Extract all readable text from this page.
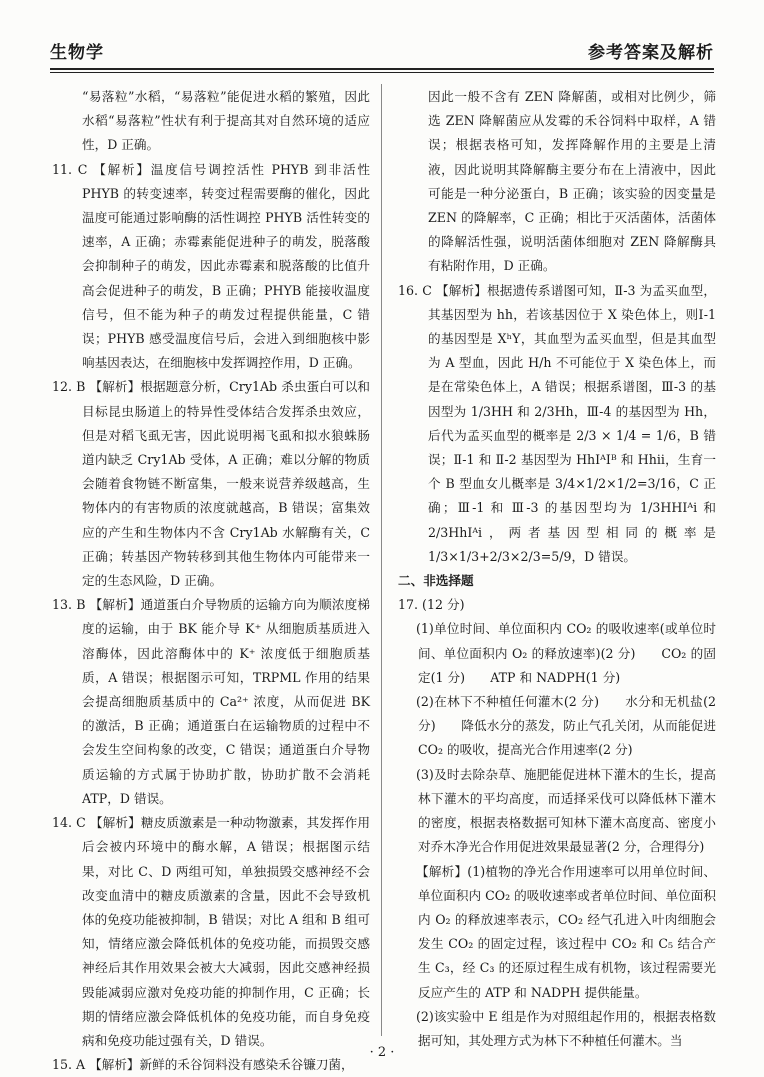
生物学	参考答案及解析

“易落粒”水稻，“易落粒”能促进水稻的繁殖，因此水稻“易落粒”性状有利于提高其对自然环境的适应性，D 正确。

11. C 【解析】温度信号调控活性 PHYB 到非活性 PHYB 的转变速率，转变过程需要酶的催化，因此温度可能通过影响酶的活性调控 PHYB 活性转变的速率，A 正确；赤霉素能促进种子的萌发，脱落酸会抑制种子的萌发，因此赤霉素和脱落酸的比值升高会促进种子的萌发，B 正确；PHYB 能接收温度信号，但不能为种子的萌发过程提供能量，C 错误；PHYB 感受温度信号后，会进入到细胞核中影响基因表达，在细胞核中发挥调控作用，D 正确。

12. B 【解析】根据题意分析，Cry1Ab 杀虫蛋白可以和目标昆虫肠道上的特异性受体结合发挥杀虫效应，但是对稻飞虱无害，因此说明褐飞虱和拟水狼蛛肠道内缺乏 Cry1Ab 受体，A 正确；难以分解的物质会随着食物链不断富集，一般来说营养级越高，生物体内的有害物质的浓度就越高，B 错误；富集效应的产生和生物体内不含 Cry1Ab 水解酶有关，C 正确；转基因产物转移到其他生物体内可能带来一定的生态风险，D 正确。

13. B 【解析】通道蛋白介导物质的运输方向为顺浓度梯度的运输，由于 BK 能介导 K⁺ 从细胞质基质进入溶酶体，因此溶酶体中的 K⁺ 浓度低于细胞质基质，A 错误；根据图示可知，TRPML 作用的结果会提高细胞质基质中的 Ca²⁺ 浓度，从而促进 BK 的激活，B 正确；通道蛋白在运输物质的过程中不会发生空间构象的改变，C 错误；通道蛋白介导物质运输的方式属于协助扩散，协助扩散不会消耗 ATP，D 错误。

14. C 【解析】糖皮质激素是一种动物激素，其发挥作用后会被内环境中的酶水解，A 错误；根据图示结果，对比 C、D 两组可知，单独损毁交感神经不会改变血清中的糖皮质激素的含量，因此不会导致机体的免疫功能被抑制，B 错误；对比 A 组和 B 组可知，情绪应激会降低机体的免疫功能，而损毁交感神经后其作用效果会被大大减弱，因此交感神经损毁能减弱应激对免疫功能的抑制作用，C 正确；长期的情绪应激会降低机体的免疫功能，而自身免疫病和免疫功能过强有关，D 错误。

15. A 【解析】新鲜的禾谷饲料没有感染禾谷镰刀菌，

因此一般不含有 ZEN 降解菌，或相对比例少，筛选 ZEN 降解菌应从发霉的禾谷饲料中取样，A 错误；根据表格可知，发挥降解作用的主要是上清液，因此说明其降解酶主要分布在上清液中，因此可能是一种分泌蛋白，B 正确；该实验的因变量是 ZEN 的降解率，C 正确；相比于灭活菌体，活菌体的降解活性强，说明活菌体细胞对 ZEN 降解酶具有粘附作用，D 正确。

16. C 【解析】根据遗传系谱图可知，Ⅱ-3 为孟买血型，其基因型为 hh，若该基因位于 X 染色体上，则Ⅰ-1 的基因型是 XʰY，其血型为孟买血型，但是其血型为 A 型血，因此 H/h 不可能位于 X 染色体上，而是在常染色体上，A 错误；根据系谱图，Ⅲ-3 的基因型为 1/3HH 和 2/3Hh，Ⅲ-4 的基因型为 Hh，后代为孟买血型的概率是 2/3 × 1/4 = 1/6，B 错误；Ⅱ-1 和 Ⅱ-2 基因型为 HhIᴬIᴮ 和 Hhii，生育一个 B 型血女儿概率是 3/4×1/2×1/2=3/16，C 正确；Ⅲ-1 和 Ⅲ-3 的基因型均为 1/3HHIᴬi 和 2/3HhIᴬi，两者基因型相同的概率是 1/3×1/3+2/3×2/3=5/9，D 错误。

二、非选择题

17. (12 分)

(1)单位时间、单位面积内 CO₂ 的吸收速率(或单位时间、单位面积内 O₂ 的释放速率)(2 分)　　CO₂ 的固定(1 分)　　ATP 和 NADPH(1 分)

(2)在林下不种植任何灌木(2 分)　　水分和无机盐(2 分)　　降低水分的蒸发，防止气孔关闭，从而能促进 CO₂ 的吸收，提高光合作用速率(2 分)

(3)及时去除杂草、施肥能促进林下灌木的生长，提高林下灌木的平均高度，而适择采伐可以降低林下灌木的密度，根据表格数据可知林下灌木高度高、密度小对乔木净光合作用促进效果最显著(2 分，合理得分)

【解析】(1)植物的净光合作用速率可以用单位时间、单位面积内 CO₂ 的吸收速率或者单位时间、单位面积内 O₂ 的释放速率表示，CO₂ 经气孔进入叶肉细胞会发生 CO₂ 的固定过程，该过程中 CO₂ 和 C₅ 结合产生 C₃，经 C₃ 的还原过程生成有机物，该过程需要光反应产生的 ATP 和 NADPH 提供能量。

(2)该实验中 E 组是作为对照组起作用的，根据表格数据可知，其处理方式为林下不种植任何灌木。当

· 2 ·
